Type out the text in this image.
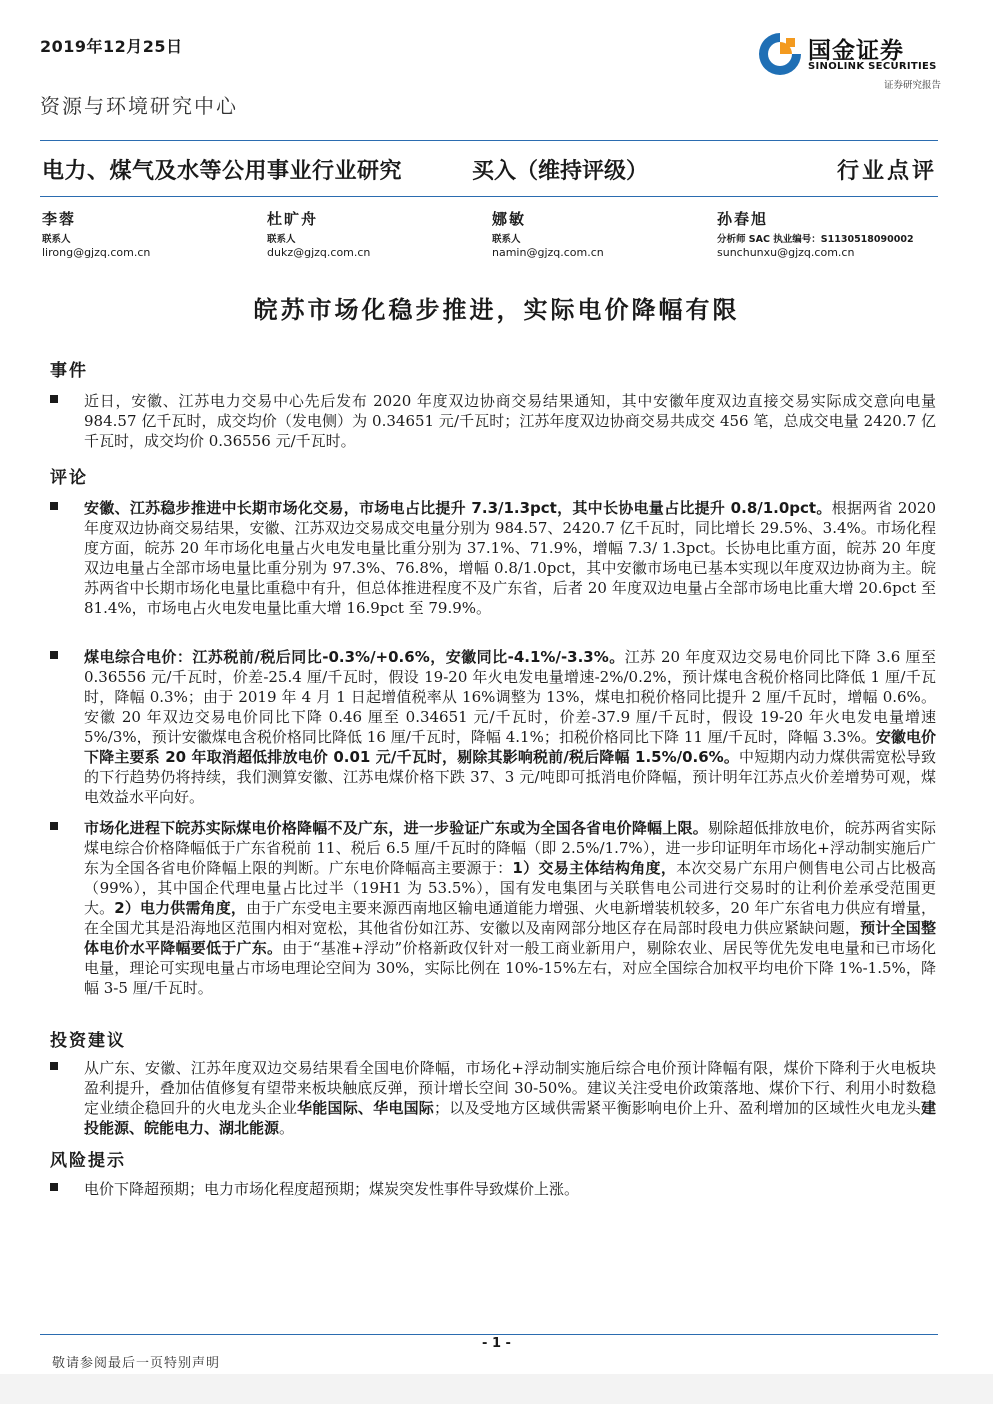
2019年12月25日
资源与环境研究中心
国金证券
SINOLINK SECURITIES
证券研究报告
电力、煤气及水等公用事业行业研究	买入（维持评级）	行业点评
李蓉
联系人
lirong@gjzq.com.cn
杜旷舟
联系人
dukz@gjzq.com.cn
娜敏
联系人
namin@gjzq.com.cn
孙春旭
分析师 SAC 执业编号：S1130518090002
sunchunxu@gjzq.com.cn
皖苏市场化稳步推进，实际电价降幅有限
事件
近日，安徽、江苏电力交易中心先后发布 2020 年度双边协商交易结果通知，其中安徽年度双边直接交易实际成交意向电量 984.57 亿千瓦时，成交均价（发电侧）为 0.34651 元/千瓦时；江苏年度双边协商交易共成交 456 笔，总成交电量 2420.7 亿千瓦时，成交均价 0.36556 元/千瓦时。
评论
安徽、江苏稳步推进中长期市场化交易，市场电占比提升 7.3/1.3pct，其中长协电量占比提升 0.8/1.0pct。根据两省 2020 年度双边协商交易结果，安徽、江苏双边交易成交电量分别为 984.57、2420.7 亿千瓦时，同比增长 29.5%、3.4%。市场化程度方面，皖苏 20 年市场化电量占火电发电量比重分别为 37.1%、71.9%，增幅 7.3/ 1.3pct。长协电比重方面，皖苏 20 年度双边电量占全部市场电量比重分别为 97.3%、76.8%，增幅 0.8/1.0pct，其中安徽市场电已基本实现以年度双边协商为主。皖苏两省中长期市场化电量比重稳中有升，但总体推进程度不及广东省，后者 20 年度双边电量占全部市场电比重大增 20.6pct 至 81.4%，市场电占火电发电量比重大增 16.9pct 至 79.9%。
煤电综合电价：江苏税前/税后同比-0.3%/+0.6%，安徽同比-4.1%/-3.3%。江苏 20 年度双边交易电价同比下降 3.6 厘至 0.36556 元/千瓦时，价差-25.4 厘/千瓦时，假设 19-20 年火电发电量增速-2%/0.2%，预计煤电含税价格同比降低 1 厘/千瓦时，降幅 0.3%；由于 2019 年 4 月 1 日起增值税率从 16%调整为 13%，煤电扣税价格同比提升 2 厘/千瓦时，增幅 0.6%。安徽 20 年双边交易电价同比下降 0.46 厘至 0.34651 元/千瓦时，价差-37.9 厘/千瓦时，假设 19-20 年火电发电量增速 5%/3%，预计安徽煤电含税价格同比降低 16 厘/千瓦时，降幅 4.1%；扣税价格同比下降 11 厘/千瓦时，降幅 3.3%。安徽电价下降主要系 20 年取消超低排放电价 0.01 元/千瓦时，剔除其影响税前/税后降幅 1.5%/0.6%。中短期内动力煤供需宽松导致的下行趋势仍将持续，我们测算安徽、江苏电煤价格下跌 37、3 元/吨即可抵消电价降幅，预计明年江苏点火价差增势可观，煤电效益水平向好。
市场化进程下皖苏实际煤电价格降幅不及广东，进一步验证广东或为全国各省电价降幅上限。剔除超低排放电价，皖苏两省实际煤电综合价格降幅低于广东省税前 11、税后 6.5 厘/千瓦时的降幅（即 2.5%/1.7%），进一步印证明年市场化+浮动制实施后广东为全国各省电价降幅上限的判断。广东电价降幅高主要源于：1）交易主体结构角度，本次交易广东用户侧售电公司占比极高（99%），其中国企代理电量占比过半（19H1 为 53.5%），国有发电集团与关联售电公司进行交易时的让利价差承受范围更大。2）电力供需角度，由于广东受电主要来源西南地区输电通道能力增强、火电新增装机较多，20 年广东省电力供应有增量，在全国尤其是沿海地区范围内相对宽松，其他省份如江苏、安徽以及南网部分地区存在局部时段电力供应紧缺问题，预计全国整体电价水平降幅要低于广东。由于“基准+浮动”价格新政仅针对一般工商业新用户，剔除农业、居民等优先发电电量和已市场化电量，理论可实现电量占市场电理论空间为 30%，实际比例在 10%-15%左右，对应全国综合加权平均电价下降 1%-1.5%，降幅 3-5 厘/千瓦时。
投资建议
从广东、安徽、江苏年度双边交易结果看全国电价降幅，市场化+浮动制实施后综合电价预计降幅有限，煤价下降利于火电板块盈利提升，叠加估值修复有望带来板块触底反弹，预计增长空间 30-50%。建议关注受电价政策落地、煤价下行、利用小时数稳定业绩企稳回升的火电龙头企业华能国际、华电国际；以及受地方区域供需紧平衡影响电价上升、盈利增加的区域性火电龙头建投能源、皖能电力、湖北能源。
风险提示
电价下降超预期；电力市场化程度超预期；煤炭突发性事件导致煤价上涨。
- 1 -
敬请参阅最后一页特别声明
